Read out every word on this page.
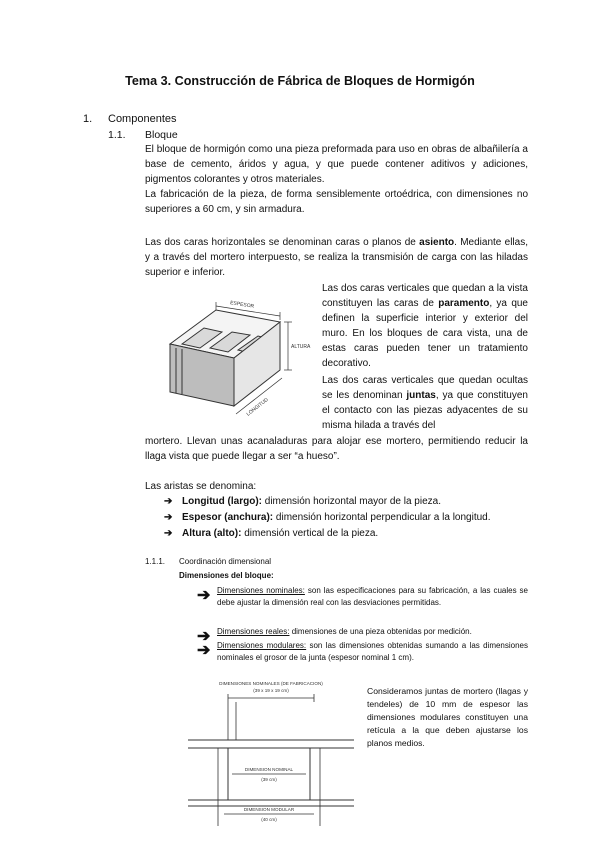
Tema 3. Construcción de Fábrica de Bloques de Hormigón
1. Componentes
1.1. Bloque

El bloque de hormigón como una pieza preformada para uso en obras de albañilería a base de cemento, áridos y agua, y que puede contener aditivos y adiciones, pigmentos colorantes y otros materiales.

La fabricación de la pieza, de forma sensiblemente ortoédrica, con dimensiones no superiores a 60 cm, y sin armadura.

Las dos caras horizontales se denominan caras o planos de asiento. Mediante ellas, y a través del mortero interpuesto, se realiza la transmisión de carga con las hiladas superior e inferior.

ESPESOR
ALTURA
LONGITUD

Las dos caras verticales que quedan a la vista constituyen las caras de paramento, ya que definen la superficie interior y exterior del muro. En los bloques de cara vista, una de estas caras pueden tener un tratamiento decorativo.

Las dos caras verticales que quedan ocultas se les denominan juntas, ya que constituyen el contacto con las piezas adyacentes de su misma hilada a través del

mortero. Llevan unas acanaladuras para alojar ese mortero, permitiendo reducir la llaga vista que puede llegar a ser “a hueso”.

Las aristas se denomina:

➔ Longitud (largo): dimensión horizontal mayor de la pieza.
➔ Espesor (anchura): dimensión horizontal perpendicular a la longitud.
➔ Altura (alto): dimensión vertical de la pieza.
1.1.1. Coordinación dimensional
Dimensiones del bloque:
➔ Dimensiones nominales: son las especificaciones para su fabricación, a las cuales se debe ajustar la dimensión real con las desviaciones permitidas.

➔ Dimensiones reales: dimensiones de una pieza obtenidas por medición.

➔ Dimensiones modulares: son las dimensiones obtenidas sumando a las dimensiones nominales el grosor de la junta (espesor nominal 1 cm).

DIMENSIONES NOMINALES (DE FABRICACION)
(39 x 19 x 19 cm)
DIMENSION NOMINAL
(39 cm)
DIMENSION MODULAR
(40 cm)

Consideramos juntas de mortero (llagas y tendeles) de 10 mm de espesor las dimensiones modulares constituyen una retícula a la que deben ajustarse los planos medios.
